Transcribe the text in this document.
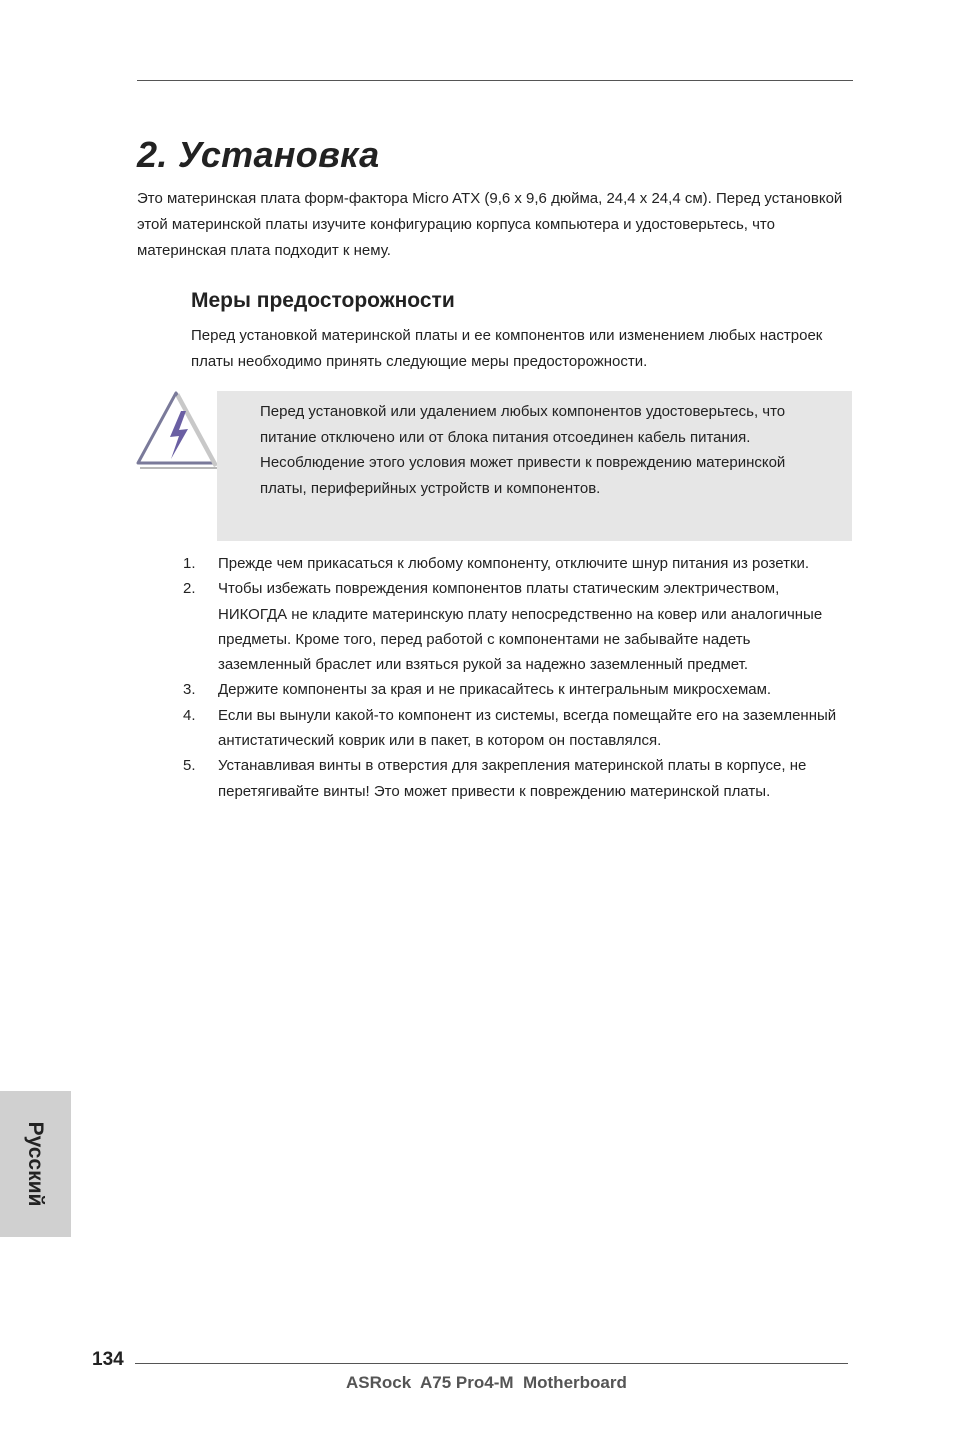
2. Установка

Это материнская плата форм-фактора Micro ATX (9,6 x 9,6 дюйма, 24,4 x 24,4 см). Перед установкой этой материнской платы изучите конфигурацию корпуса компьютера и удостоверьтесь, что материнская плата подходит к нему.

Меры предосторожности

Перед установкой материнской платы и ее компонентов или изменением любых настроек платы необходимо принять следующие меры предосторожности.

Перед установкой или удалением любых компонентов удостоверьтесь, что питание отключено или от блока питания отсоединен кабель питания. Несоблюдение этого условия может привести к повреждению материнской платы, периферийных устройств и компонентов.

1. Прежде чем прикасаться к любому компоненту, отключите шнур питания из розетки.
2. Чтобы избежать повреждения компонентов платы статическим электричеством, НИКОГДА не кладите материнскую плату непосредственно на ковер или аналогичные предметы. Кроме того, перед работой с компонентами не забывайте надеть заземленный браслет или взяться рукой за надежно заземленный предмет.
3. Держите компоненты за края и не прикасайтесь к интегральным микросхемам.
4. Если вы вынули какой-то компонент из системы, всегда помещайте его на заземленный антистатический коврик или в пакет, в котором он поставлялся.
5. Устанавливая винты в отверстия для закрепления материнской платы в корпусе, не перетягивайте винты! Это может привести к повреждению материнской платы.
Русский
134
ASRock  A75 Pro4-M  Motherboard
